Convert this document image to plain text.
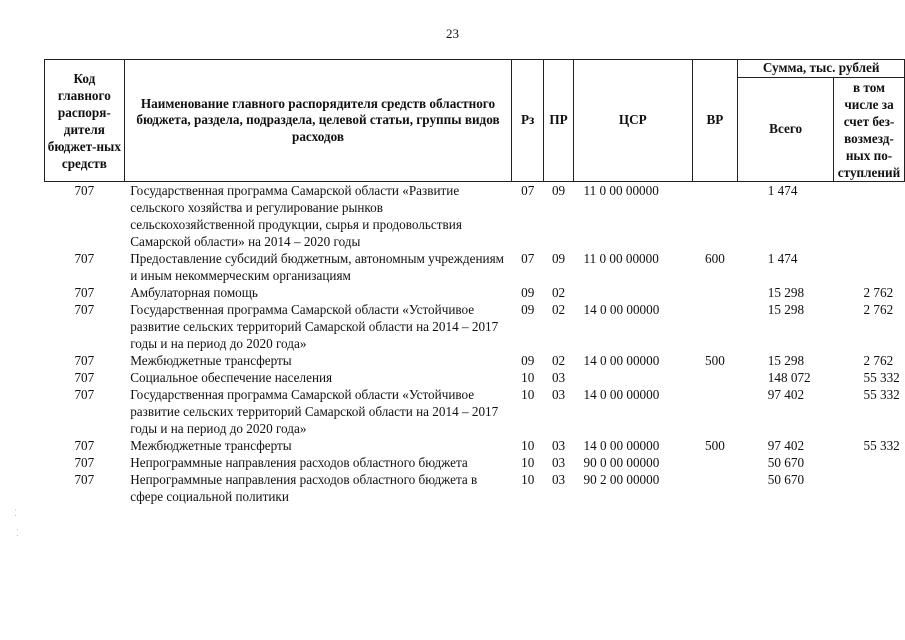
23
⁚
⁚
Код главного распоря-дителя бюджет-ных средств	Наименование главного распорядителя средств областного бюджета, раздела, подраздела, целевой статьи, группы видов расходов	Рз	ПР	ЦСР	ВР	Сумма, тыс. рублей	
						Всего	в том числе за счет без-возмезд-ных по-ступлений
707	Государственная программа Самарской области «Развитие сельского хозяйства и регулирование рынков сельскохозяйственной продукции, сырья и продовольствия Самарской области» на 2014 – 2020 годы	07	09	11 0 00 00000		1 474	
707	Предоставление субсидий бюджетным, автономным учреждениям и иным некоммерческим организациям	07	09	11 0 00 00000	600	1 474	
707	Амбулаторная помощь	09	02			15 298	2 762
707	Государственная программа Самарской области «Устойчивое развитие сельских территорий Самарской области на 2014 – 2017 годы и на период до 2020 года»	09	02	14 0 00 00000		15 298	2 762
707	Межбюджетные трансферты	09	02	14 0 00 00000	500	15 298	2 762
707	Социальное обеспечение населения	10	03			148 072	55 332
707	Государственная программа Самарской области «Устойчивое развитие сельских территорий Самарской области на 2014 – 2017 годы и на период до 2020 года»	10	03	14 0 00 00000		97 402	55 332
707	Межбюджетные трансферты	10	03	14 0 00 00000	500	97 402	55 332
707	Непрограммные направления расходов областного бюджета	10	03	90 0 00 00000		50 670	
707	Непрограммные направления расходов областного бюджета в сфере социальной политики	10	03	90 2 00 00000		50 670	
